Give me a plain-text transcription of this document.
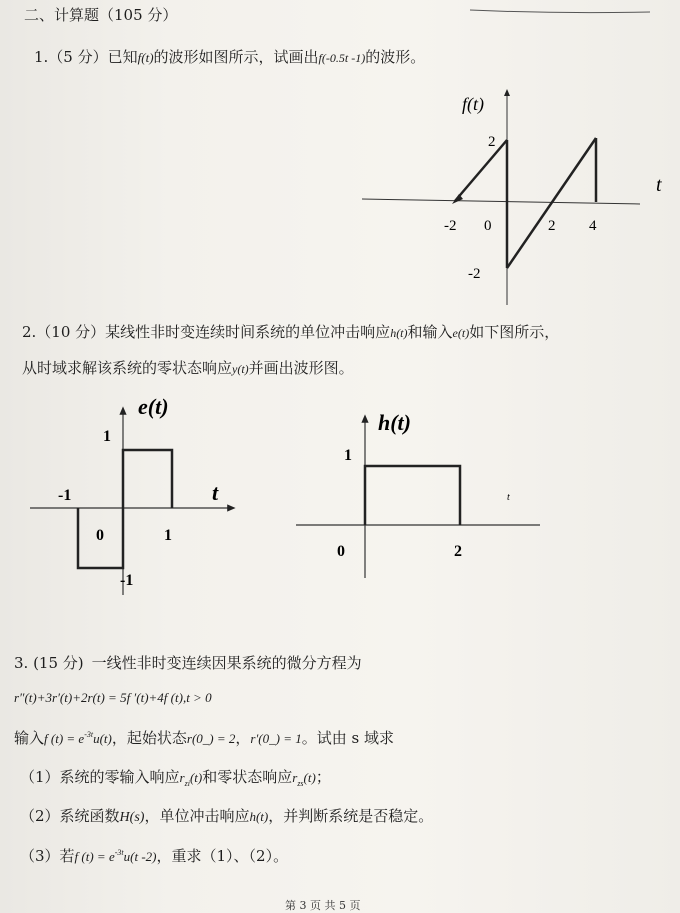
二、计算题（105 分）
1.（5 分）已知f(t)的波形如图所示，试画出f(-0.5t -1)的波形。
f(t)
t
2
-2 0	2 4
-2
2.（10 分）某线性非时变连续时间系统的单位冲击响应h(t)和输入e(t)如下图所示，
从时域求解该系统的零状态响应y(t)并画出波形图。
e(t)
t
1
-1
0	1
-1
h(t)
t
1
0	2
3. (15 分) 一线性非时变连续因果系统的微分方程为
r″(t)+3r′(t)+2r(t) = 5f ′(t)+4f (t),t > 0
输入f $(t) = e^{-3t}u(t)$，起始状态r(0_) = 2，r′(0_) = 1。试由 s 域求
（1）系统的零输入响应$r_{zi}(t)$和零状态响应$r_{zs}(t)$；
（2）系统函数H(s)，单位冲击响应h(t)，并判断系统是否稳定。
（3）若f $(t) = e^{-3t}u(t$ -2)，重求（1）、（2）。
第 3 页 共 5 页
